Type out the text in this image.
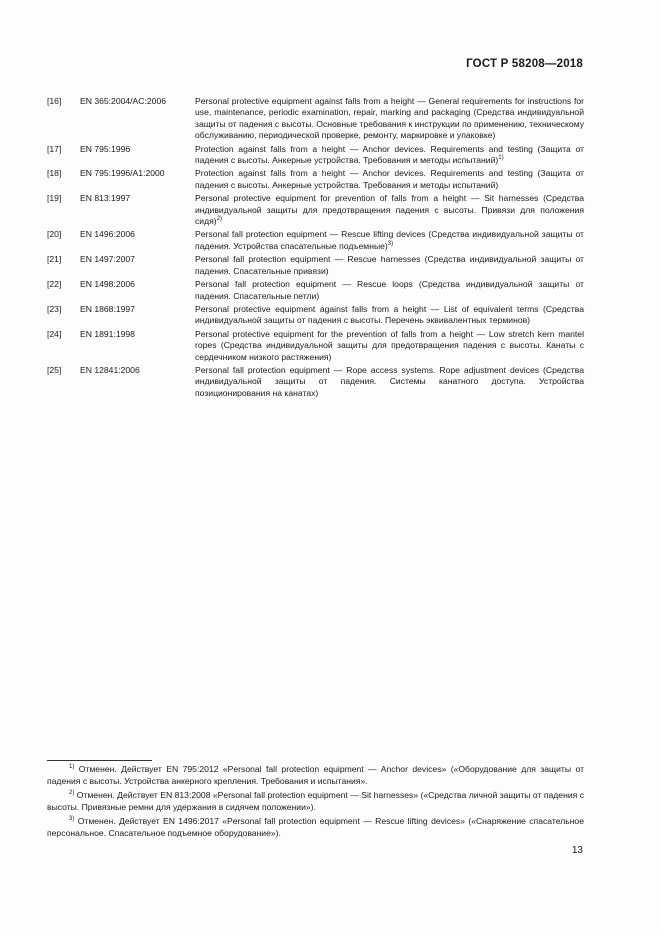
ГОСТ Р 58208—2018
[16]	EN 365:2004/AC:2006	Personal protective equipment against falls from a height — General requirements for instructions for use, maintenance, periodic examination, repair, marking and packaging (Средства индивидуальной защиты от падения с высоты. Основные требования к инструкции по применению, техническому обслуживанию, периодической проверке, ремонту, маркировке и упаковке)
[17]	EN 795:1996	Protection against falls from a height — Anchor devices. Requirements and testing (Защита от падения с высоты. Анкерные устройства. Требования и методы испытаний)$^{1)}$
[18]	EN 795:1996/A1:2000	Protection against falls from a height — Anchor devices. Requirements and testing (Защита от падения с высоты. Анкерные устройства. Требования и методы испытаний)
[19]	EN 813:1997	Personal protective equipment for prevention of falls from a height — Sit harnesses (Средства индивидуальной защиты для предотвращения падения с высоты. Привязи для положения сидя)$^{2)}$
[20]	EN 1496:2006	Personal fall protection equipment — Rescue lifting devices (Средства индивидуальной защиты от падения. Устройства спасательные подъемные)$^{3)}$
[21]	EN 1497:2007	Personal fall protection equipment — Rescue harnesses (Средства индивидуальной защиты от падения. Спасательные привязи)
[22]	EN 1498:2006	Personal fall protection equipment — Rescue loops (Средства индивидуальной защиты от падения. Спасательные петли)
[23]	EN 1868:1997	Personal protective equipment against falls from a height — List of equivalent terms (Средства индивидуальной защиты от падения с высоты. Перечень эквивалентных терминов)
[24]	EN 1891:1998	Personal protective equipment for the prevention of falls from a height — Low stretch kern mantel ropes (Средства индивидуальной защиты для предотвращения падения с высоты. Канаты с сердечником низкого растяжения)
[25]	EN 12841:2006	Personal fall protection equipment — Rope access systems. Rope adjustment devices (Средства индивидуальной защиты от падения. Системы канатного доступа. Устройства позиционирования на канатах)
$^{1)}$ Отменен. Действует EN 795:2012 «Personal fall protection equipment — Anchor devices» («Оборудование для защиты от падения с высоты. Устройства анкерного крепления. Требования и испытания».
$^{2)}$ Отменен. Действует EN 813:2008 «Personal fall protection equipment — Sit harnesses» («Средства личной защиты от падения с высоты. Привязные ремни для удержания в сидячем положении»).
$^{3)}$ Отменен. Действует EN 1496:2017 «Personal fall protection equipment — Rescue lifting devices» («Снаряжение спасательное персональное. Спасательное подъемное оборудование»).
13
